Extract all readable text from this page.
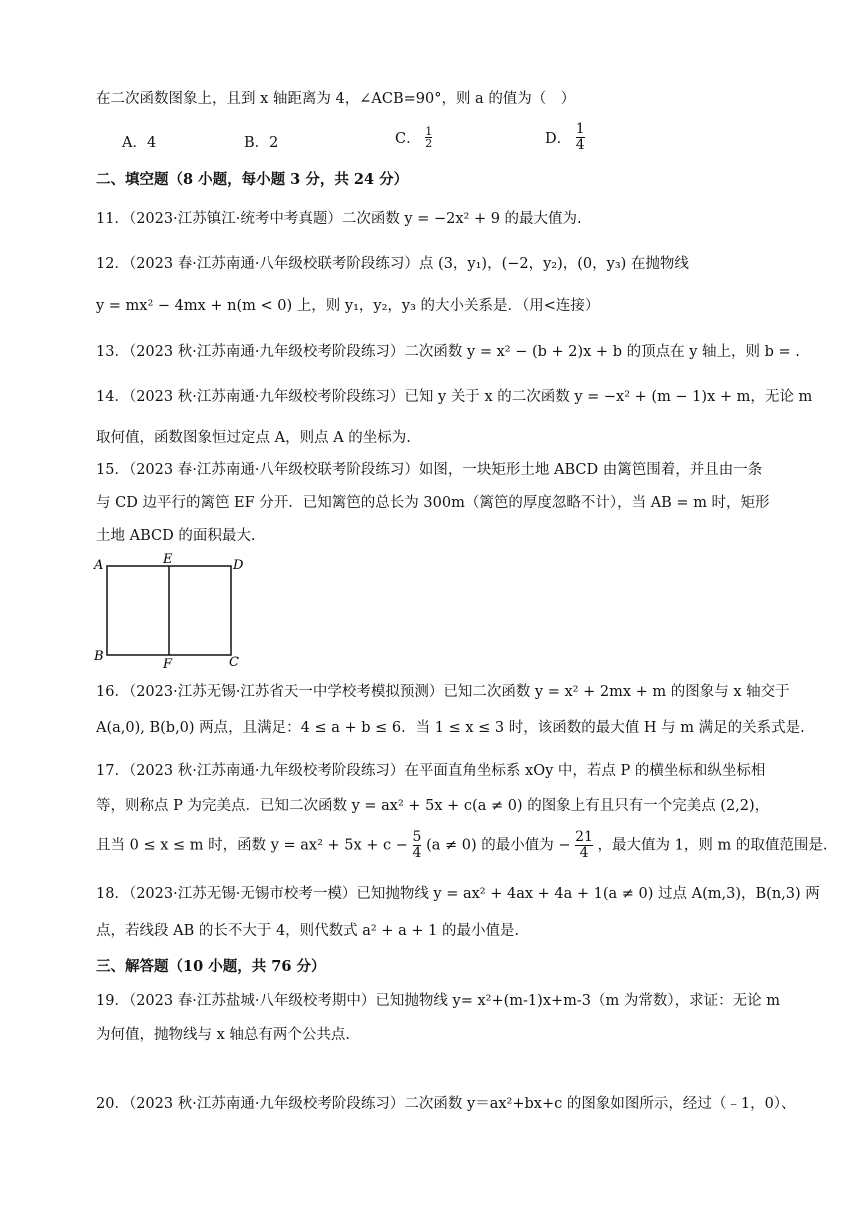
在二次函数图象上，且到 x 轴距离为 4，∠ACB=90°，则 a 的值为（　）
A．4	B．2	C． $\frac{1}{2}$	D． $\frac{1}{4}$
二、填空题（8 小题，每小题 3 分，共 24 分）
11．（2023·江苏镇江·统考中考真题）二次函数 y = −2x² + 9 的最大值为.
12．（2023 春·江苏南通·八年级校联考阶段练习）点 (3，y₁)，(−2，y₂)，(0，y₃) 在抛物线
y = mx² − 4mx + n(m < 0) 上，则 y₁，y₂，y₃ 的大小关系是．（用<连接）
13．（2023 秋·江苏南通·九年级校考阶段练习）二次函数 y = x² − (b + 2)x + b 的顶点在 y 轴上，则 b = .
14．（2023 秋·江苏南通·九年级校考阶段练习）已知 y 关于 x 的二次函数 y = −x² + (m − 1)x + m，无论 m
取何值，函数图象恒过定点 A，则点 A 的坐标为.
15．（2023 春·江苏南通·八年级校联考阶段练习）如图，一块矩形土地 ABCD 由篱笆围着，并且由一条
与 CD 边平行的篱笆 EF 分开．已知篱笆的总长为 300m（篱笆的厚度忽略不计），当 AB = m 时，矩形
土地 ABCD 的面积最大.
A	E	D
B
F	C
16．（2023·江苏无锡·江苏省天一中学校考模拟预测）已知二次函数 y = x² + 2mx + m 的图象与 x 轴交于
A(a,0), B(b,0) 两点，且满足：4 ≤ a + b ≤ 6．当 1 ≤ x ≤ 3 时，该函数的最大值 H 与 m 满足的关系式是.
17．（2023 秋·江苏南通·九年级校考阶段练习）在平面直角坐标系 xOy 中，若点 P 的横坐标和纵坐标相
等，则称点 P 为完美点．已知二次函数 y = ax² + 5x + c(a ≠ 0) 的图象上有且只有一个完美点 (2,2)，
且当 0 ≤ x ≤ m 时，函数 $y = ax^2 + 5x + c - \frac{5}{4} (a \ne 0)$ 的最小值为 − $\frac{21}{4}$ ，最大值为 1，则 m 的取值范围是.
18．（2023·江苏无锡·无锡市校考一模）已知抛物线 y = ax² + 4ax + 4a + 1(a ≠ 0) 过点 A(m,3)，B(n,3) 两
点，若线段 AB 的长不大于 4，则代数式 a² + a + 1 的最小值是.
三、解答题（10 小题，共 76 分）
19．（2023 春·江苏盐城·八年级校考期中）已知抛物线 y= x²+(m-1)x+m-3（m 为常数），求证：无论 m
为何值，抛物线与 x 轴总有两个公共点.
20．（2023 秋·江苏南通·九年级校考阶段练习）二次函数 y＝ax²+bx+c 的图象如图所示，经过（﹣1，0）、
